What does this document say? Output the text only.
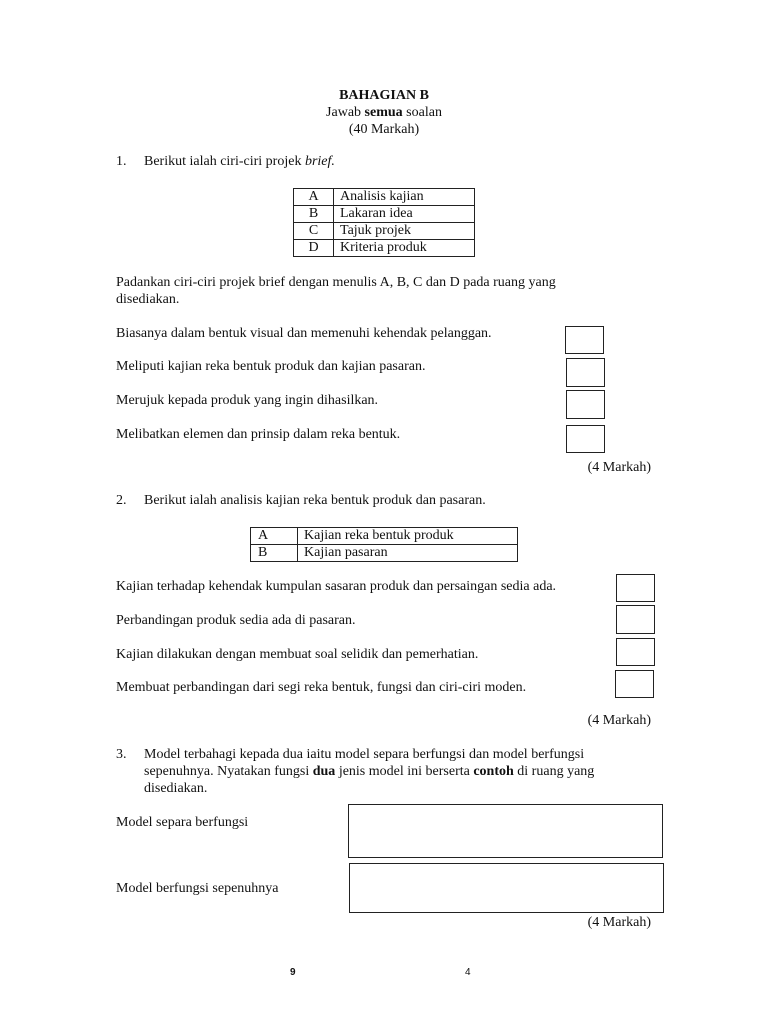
BAHAGIAN B
Jawab semua soalan
(40 Markah)
1. Berikut ialah ciri-ciri projek brief.
A	Analisis kajian
B	Lakaran idea
C	Tajuk projek
D	Kriteria produk
Padankan ciri-ciri projek brief dengan menulis A, B, C dan D pada ruang yang
disediakan.
Biasanya dalam bentuk visual dan memenuhi kehendak pelanggan.
Meliputi kajian reka bentuk produk dan kajian pasaran.
Merujuk kepada produk yang ingin dihasilkan.
Melibatkan elemen dan prinsip dalam reka bentuk.
(4 Markah)
2. Berikut ialah analisis kajian reka bentuk produk dan pasaran.
A	Kajian reka bentuk produk
B	Kajian pasaran
Kajian terhadap kehendak kumpulan sasaran produk dan persaingan sedia ada.
Perbandingan produk sedia ada di pasaran.
Kajian dilakukan dengan membuat soal selidik dan pemerhatian.
Membuat perbandingan dari segi reka bentuk, fungsi dan ciri-ciri moden.
(4 Markah)
3. Model terbahagi kepada dua iaitu model separa berfungsi dan model berfungsi
sepenuhnya. Nyatakan fungsi dua jenis model ini berserta contoh di ruang yang
disediakan.
Model separa berfungsi
Model berfungsi sepenuhnya
(4 Markah)
9	4
